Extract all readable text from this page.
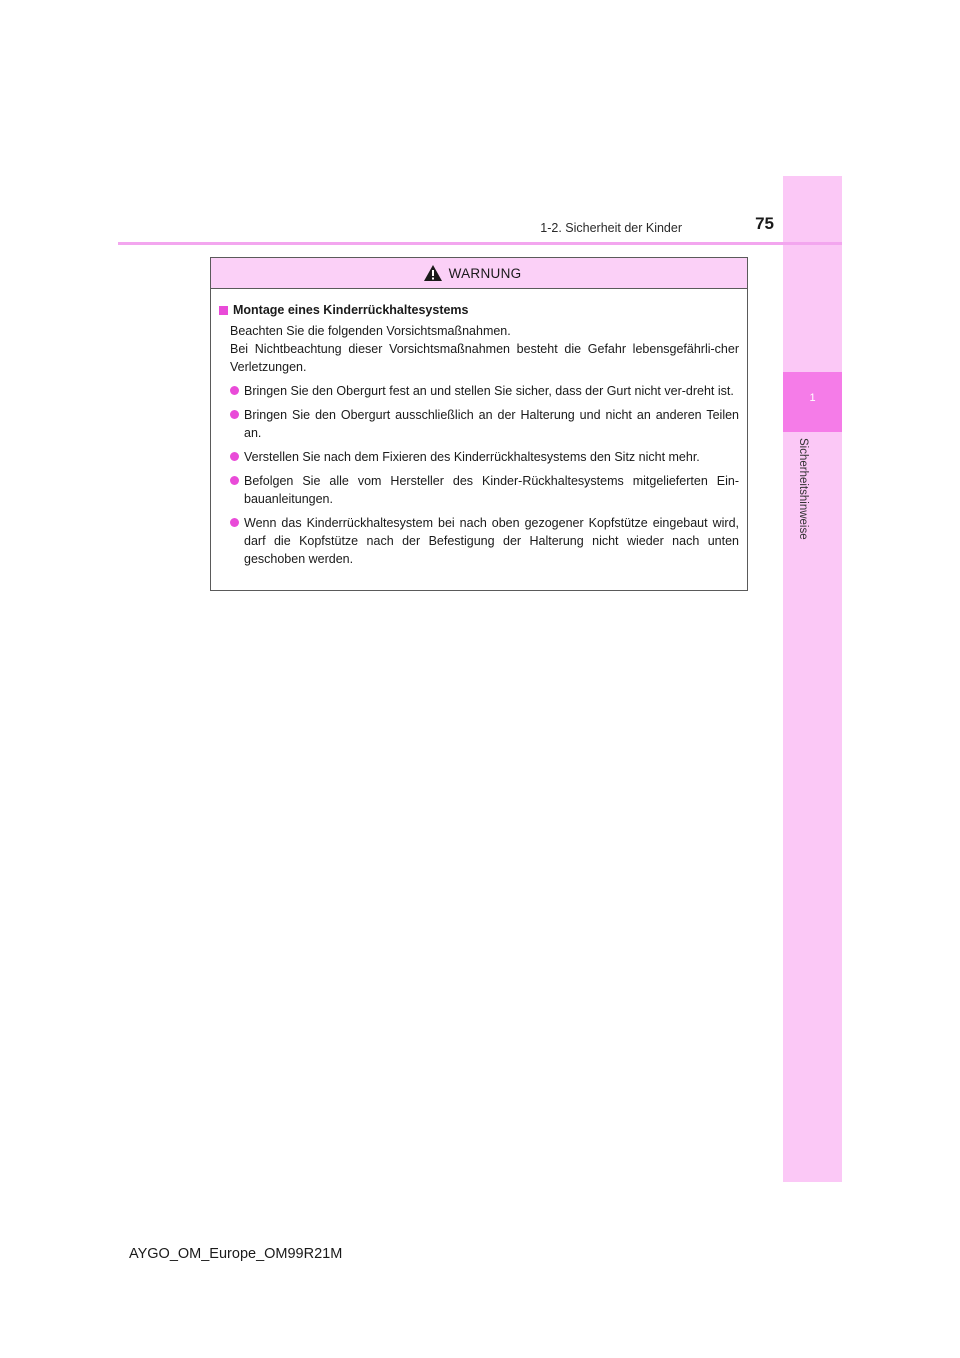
1
Sicherheitshinweise
1-2. Sicherheit der Kinder	75
WARNUNG
Montage eines Kinderrückhaltesystems
Beachten Sie die folgenden Vorsichtsmaßnahmen.
Bei Nichtbeachtung dieser Vorsichtsmaßnahmen besteht die Gefahr lebensgefährli-cher Verletzungen.
Bringen Sie den Obergurt fest an und stellen Sie sicher, dass der Gurt nicht ver-dreht ist.
Bringen Sie den Obergurt ausschließlich an der Halterung und nicht an anderen Teilen an.
Verstellen Sie nach dem Fixieren des Kinderrückhaltesystems den Sitz nicht mehr.
Befolgen Sie alle vom Hersteller des Kinder-Rückhaltesystems mitgelieferten Ein-bauanleitungen.
Wenn das Kinderrückhaltesystem bei nach oben gezogener Kopfstütze eingebaut wird, darf die Kopfstütze nach der Befestigung der Halterung nicht wieder nach unten geschoben werden.
AYGO_OM_Europe_OM99R21M
